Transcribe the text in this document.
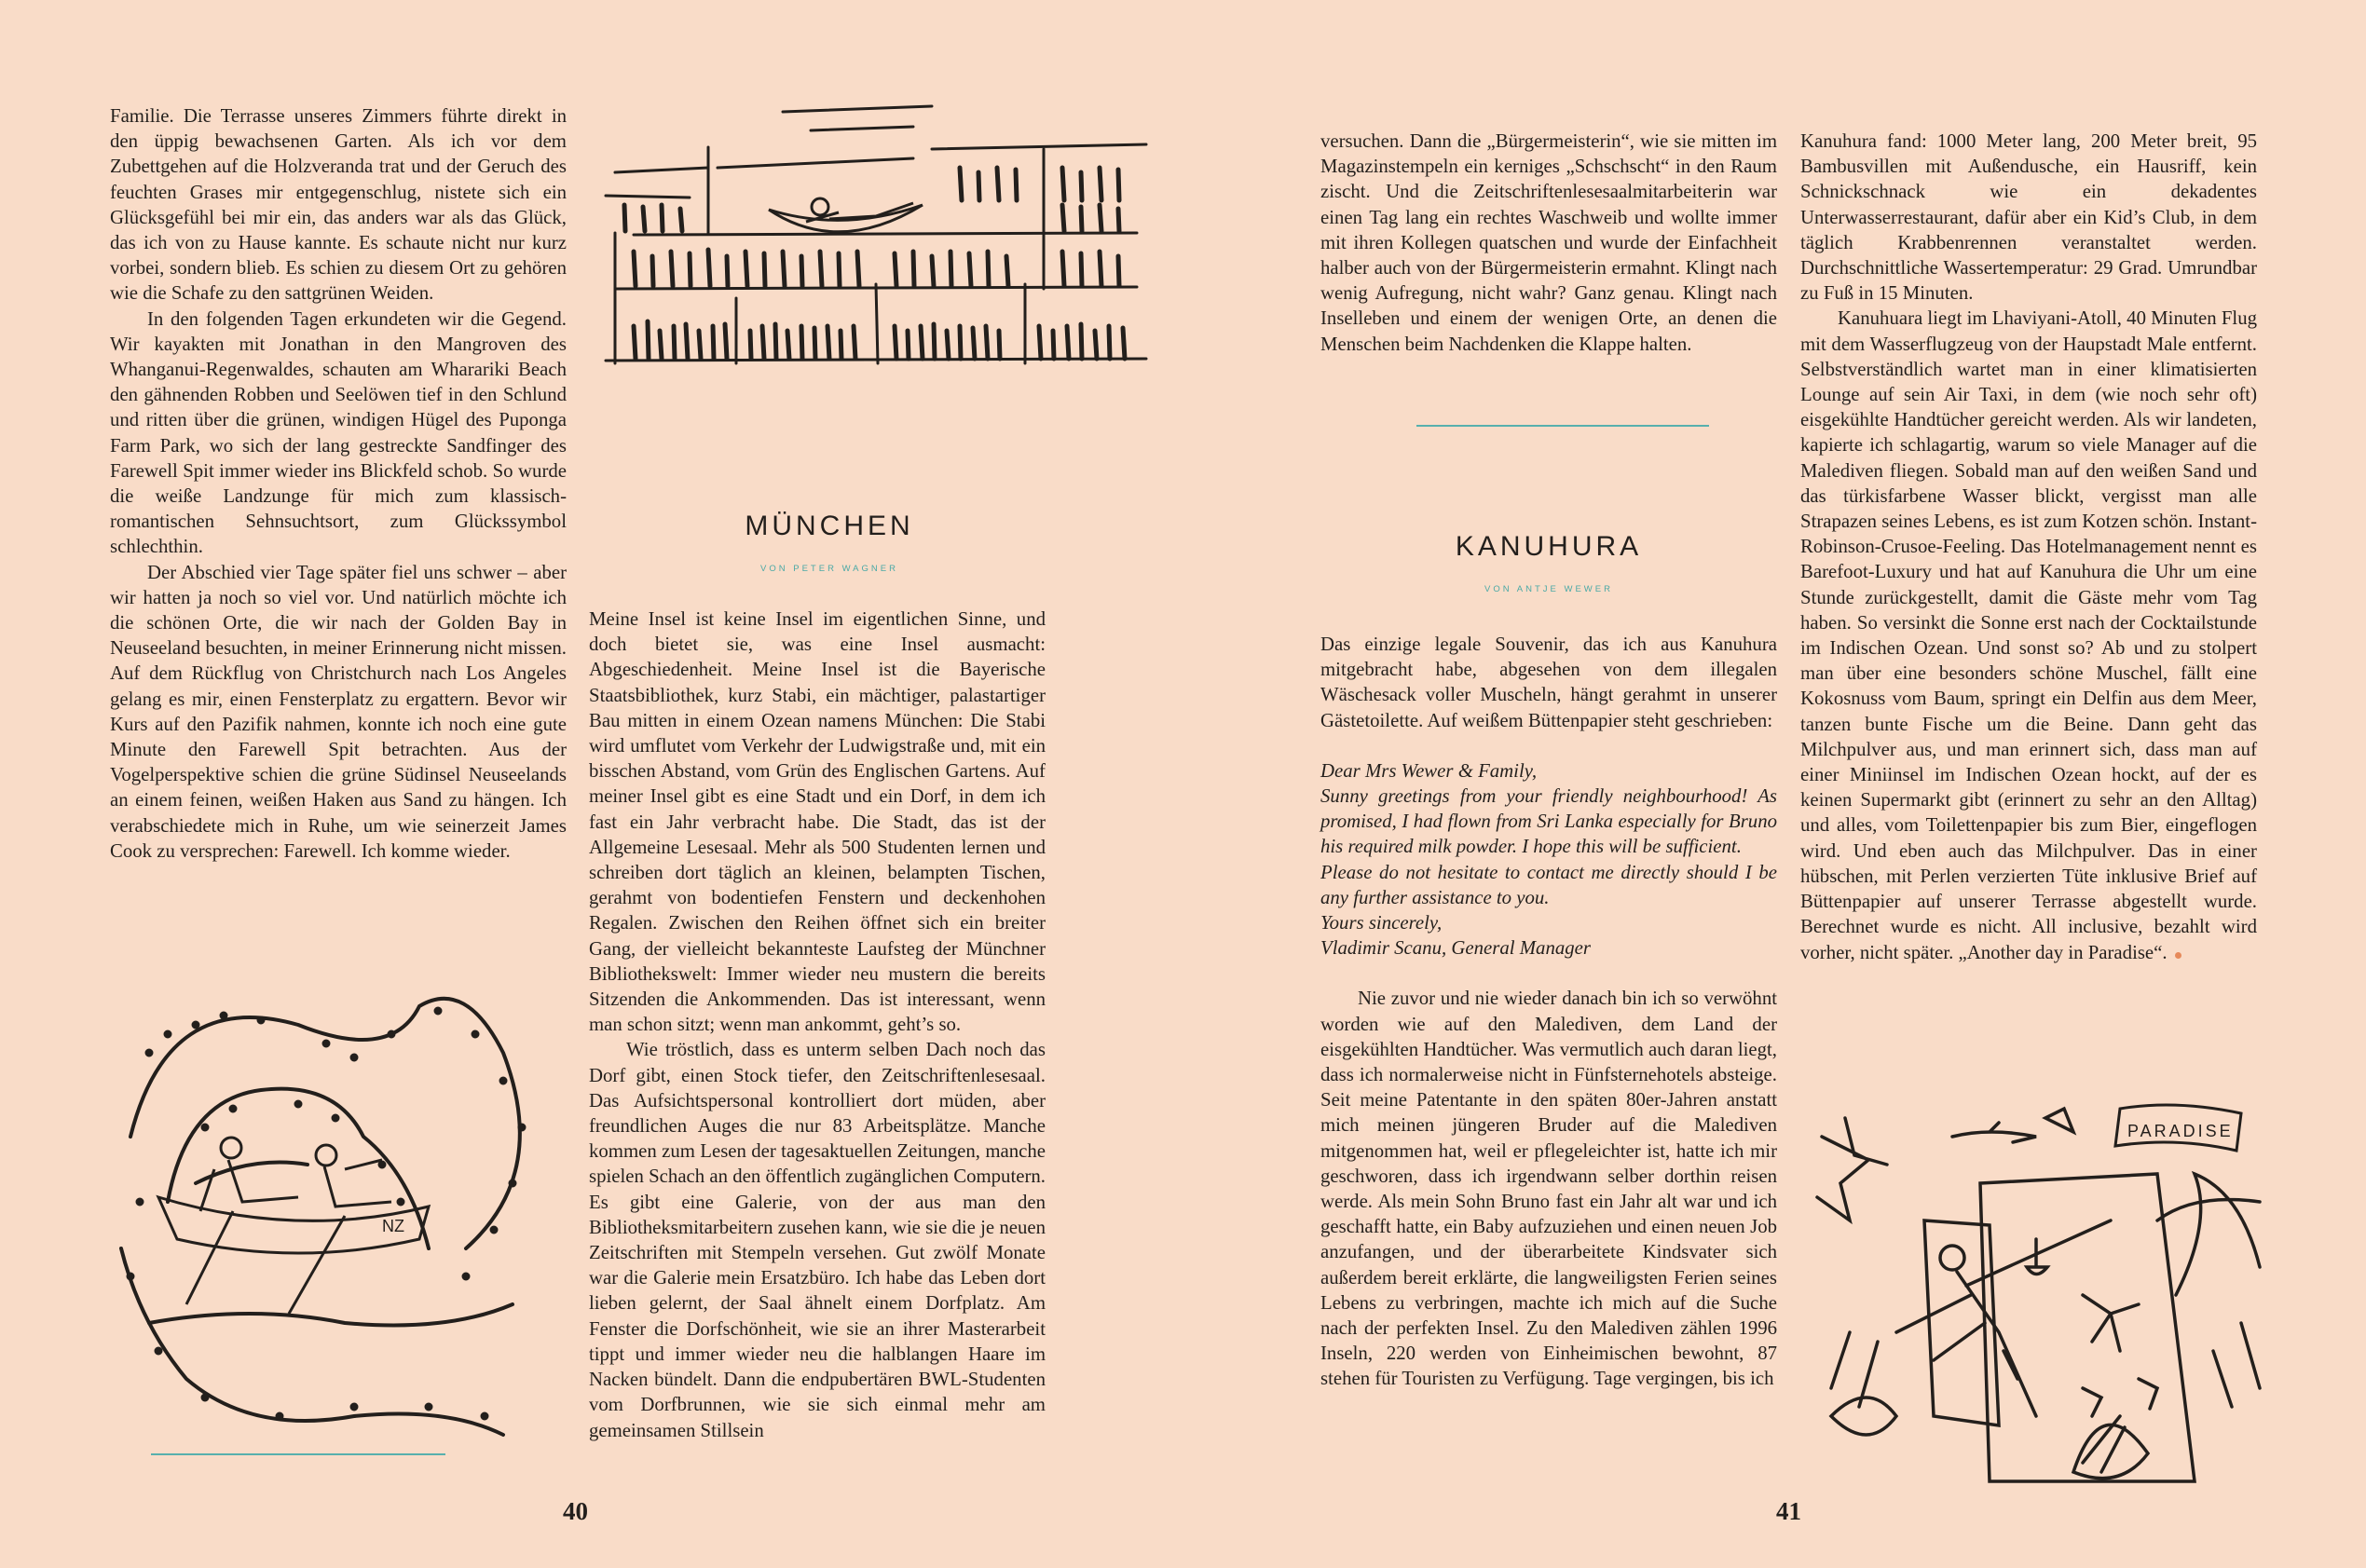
Familie. Die Terrasse unseres Zimmers führte direkt in den üppig bewachsenen Garten. Als ich vor dem Zubettgehen auf die Holzveranda trat und der Geruch des feuchten Grases mir entgegenschlug, nistete sich ein Glücksgefühl bei mir ein, das anders war als das Glück, das ich von zu Hause kannte. Es schaute nicht nur kurz vorbei, sondern blieb. Es schien zu diesem Ort zu gehören wie die Schafe zu den sattgrünen Weiden.

In den folgenden Tagen erkundeten wir die Gegend. Wir kayakten mit Jonathan in den Mangroven des Whanganui-Regenwaldes, schauten am Wharariki Beach den gähnenden Robben und Seelöwen tief in den Schlund und ritten über die grünen, windigen Hügel des Puponga Farm Park, wo sich der lang gestreckte Sandfinger des Farewell Spit immer wieder ins Blickfeld schob. So wurde die weiße Landzunge für mich zum klassisch-romantischen Sehnsuchtsort, zum Glückssymbol schlechthin.

Der Abschied vier Tage später fiel uns schwer – aber wir hatten ja noch so viel vor. Und natürlich möchte ich die schönen Orte, die wir nach der Golden Bay in Neuseeland besuchten, in meiner Erinnerung nicht missen. Auf dem Rückflug von Christchurch nach Los Angeles gelang es mir, einen Fensterplatz zu ergattern. Bevor wir Kurs auf den Pazifik nahmen, konnte ich noch eine gute Minute den Farewell Spit betrachten. Aus der Vogelperspektive schien die grüne Südinsel Neuseelands an einem feinen, weißen Haken aus Sand zu hängen. Ich verabschiedete mich in Ruhe, um wie seinerzeit James Cook zu versprechen: Farewell. Ich komme wieder.

MÜNCHEN
VON PETER WAGNER

Meine Insel ist keine Insel im eigentlichen Sinne, und doch bietet sie, was eine Insel ausmacht: Abgeschiedenheit. Meine Insel ist die Bayerische Staatsbibliothek, kurz Stabi, ein mächtiger, palastartiger Bau mitten in einem Ozean namens München: Die Stabi wird umflutet vom Verkehr der Ludwigstraße und, mit ein bisschen Abstand, vom Grün des Englischen Gartens. Auf meiner Insel gibt es eine Stadt und ein Dorf, in dem ich fast ein Jahr verbracht habe. Die Stadt, das ist der Allgemeine Lesesaal. Mehr als 500 Studenten lernen und schreiben dort täglich an kleinen, belampten Tischen, gerahmt von bodentiefen Fenstern und deckenhohen Regalen. Zwischen den Reihen öffnet sich ein breiter Gang, der vielleicht bekannteste Laufsteg der Münchner Bibliothekswelt: Immer wieder neu mustern die bereits Sitzenden die Ankommenden. Das ist interessant, wenn man schon sitzt; wenn man ankommt, geht’s so.

Wie tröstlich, dass es unterm selben Dach noch das Dorf gibt, einen Stock tiefer, den Zeitschriftenlesesaal. Das Aufsichtspersonal kontrolliert dort müden, aber freundlichen Auges die nur 83 Arbeitsplätze. Manche kommen zum Lesen der tagesaktuellen Zeitungen, manche spielen Schach an den öffentlich zugänglichen Computern. Es gibt eine Galerie, von der aus man den Bibliotheksmitarbeitern zusehen kann, wie sie die je neuen Zeitschriften mit Stempeln versehen. Gut zwölf Monate war die Galerie mein Ersatzbüro. Ich habe das Leben dort lieben gelernt, der Saal ähnelt einem Dorfplatz. Am Fenster die Dorfschönheit, wie sie an ihrer Masterarbeit tippt und immer wieder neu die halblangen Haare im Nacken bündelt. Dann die endpubertären BWL-Studenten vom Dorfbrunnen, wie sie sich einmal mehr am gemeinsamen Stillsein

NZ
40

versuchen. Dann die „Bürgermeisterin“, wie sie mitten im Magazinstempeln ein kerniges „Schschscht“ in den Raum zischt. Und die Zeitschriftenlesesaalmitarbeiterin war einen Tag lang ein rechtes Waschweib und wollte immer mit ihren Kollegen quatschen und wurde der Einfachheit halber auch von der Bürgermeisterin ermahnt. Klingt nach wenig Aufregung, nicht wahr? Ganz genau. Klingt nach Inselleben und einem der wenigen Orte, an denen die Menschen beim Nachdenken die Klappe halten.

KANUHURA
VON ANTJE WEWER

Das einzige legale Souvenir, das ich aus Kanuhura mitgebracht habe, abgesehen von dem illegalen Wäschesack voller Muscheln, hängt gerahmt in unserer Gästetoilette. Auf weißem Büttenpapier steht geschrieben:

Dear Mrs Wewer & Family,

Sunny greetings from your friendly neighbourhood! As promised, I had flown from Sri Lanka especially for Bruno his required milk powder. I hope this will be sufficient.

Please do not hesitate to contact me directly should I be any further assistance to you.

Yours sincerely,

Vladimir Scanu, General Manager

Nie zuvor und nie wieder danach bin ich so verwöhnt worden wie auf den Malediven, dem Land der eisgekühlten Handtücher. Was vermutlich auch daran liegt, dass ich normalerweise nicht in Fünfsternehotels absteige. Seit meine Patentante in den späten 80er-Jahren anstatt mich meinen jüngeren Bruder auf die Malediven mitgenommen hat, weil er pflegeleichter ist, hatte ich mir geschworen, dass ich irgendwann selber dorthin reisen werde. Als mein Sohn Bruno fast ein Jahr alt war und ich geschafft hatte, ein Baby aufzuziehen und einen neuen Job anzufangen, und der überarbeitete Kindsvater sich außerdem bereit erklärte, die langweiligsten Ferien seines Lebens zu verbringen, machte ich mich auf die Suche nach der perfekten Insel. Zu den Malediven zählen 1996 Inseln, 220 werden von Einheimischen bewohnt, 87 stehen für Touristen zu Verfügung. Tage vergingen, bis ich

Kanuhura fand: 1000 Meter lang, 200 Meter breit, 95 Bambusvillen mit Außendusche, ein Hausriff, kein Schnickschnack wie ein dekadentes Unterwasserrestaurant, dafür aber ein Kid’s Club, in dem täglich Krabbenrennen veranstaltet werden. Durchschnittliche Wassertemperatur: 29 Grad. Umrundbar zu Fuß in 15 Minuten.

Kanuhuara liegt im Lhaviyani-Atoll, 40 Minuten Flug mit dem Wasserflugzeug von der Haupstadt Male entfernt. Selbstverständlich wartet man in einer klimatisierten Lounge auf sein Air Taxi, in dem (wie noch sehr oft) eisgekühlte Handtücher gereicht werden. Als wir landeten, kapierte ich schlagartig, warum so viele Manager auf die Malediven fliegen. Sobald man auf den weißen Sand und das türkisfarbene Wasser blickt, vergisst man alle Strapazen seines Lebens, es ist zum Kotzen schön. Instant-Robinson-Crusoe-Feeling. Das Hotelmanagement nennt es Barefoot-Luxury und hat auf Kanuhura die Uhr um eine Stunde zurückgestellt, damit die Gäste mehr vom Tag haben. So versinkt die Sonne erst nach der Cocktailstunde im Indischen Ozean. Und sonst so? Ab und zu stolpert man über eine besonders schöne Muschel, fällt eine Kokosnuss vom Baum, springt ein Delfin aus dem Meer, tanzen bunte Fische um die Beine. Dann geht das Milchpulver aus, und man erinnert sich, dass man auf einer Miniinsel im Indischen Ozean hockt, auf der es keinen Supermarkt gibt (erinnert zu sehr an den Alltag) und alles, vom Toilettenpapier bis zum Bier, eingeflogen wird. Und eben auch das Milchpulver. Das in einer hübschen, mit Perlen verzierten Tüte inklusive Brief auf Büttenpapier auf unserer Terrasse abgestellt wurde. Berechnet wurde es nicht. All inclusive, bezahlt wird vorher, nicht später. „Another day in Paradise“.

PARADISE
41
